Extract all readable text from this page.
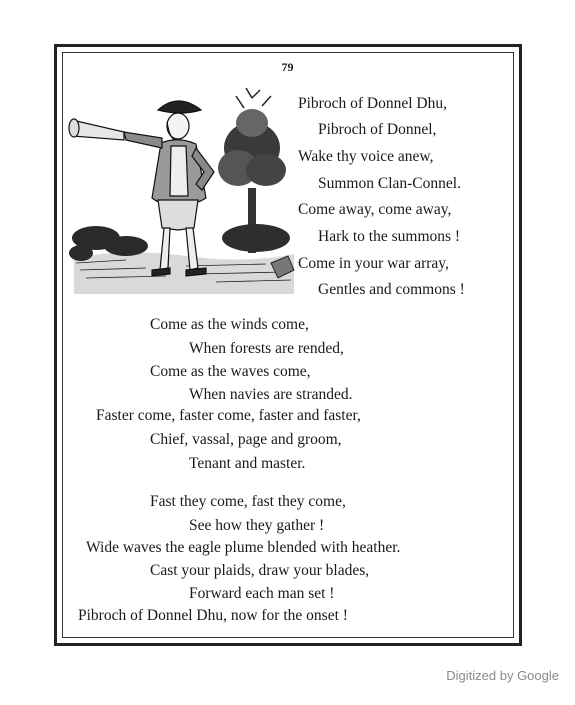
79
Pibroch of Donnel Dhu,
Pibroch of Donnel,
Wake thy voice anew,
Summon Clan-Connel.
Come away, come away,
Hark to the summons !
Come in your war array,
Gentles and commons !
Come as the winds come,
When forests are rended,
Come as the waves come,
When navies are stranded.
Faster come, faster come, faster and faster,
Chief, vassal, page and groom,
Tenant and master.
Fast they come, fast they come,
See how they gather !
Wide waves the eagle plume blended with heather.
Cast your plaids, draw your blades,
Forward each man set !
Pibroch of Donnel Dhu, now for the onset !
Digitized by Google
